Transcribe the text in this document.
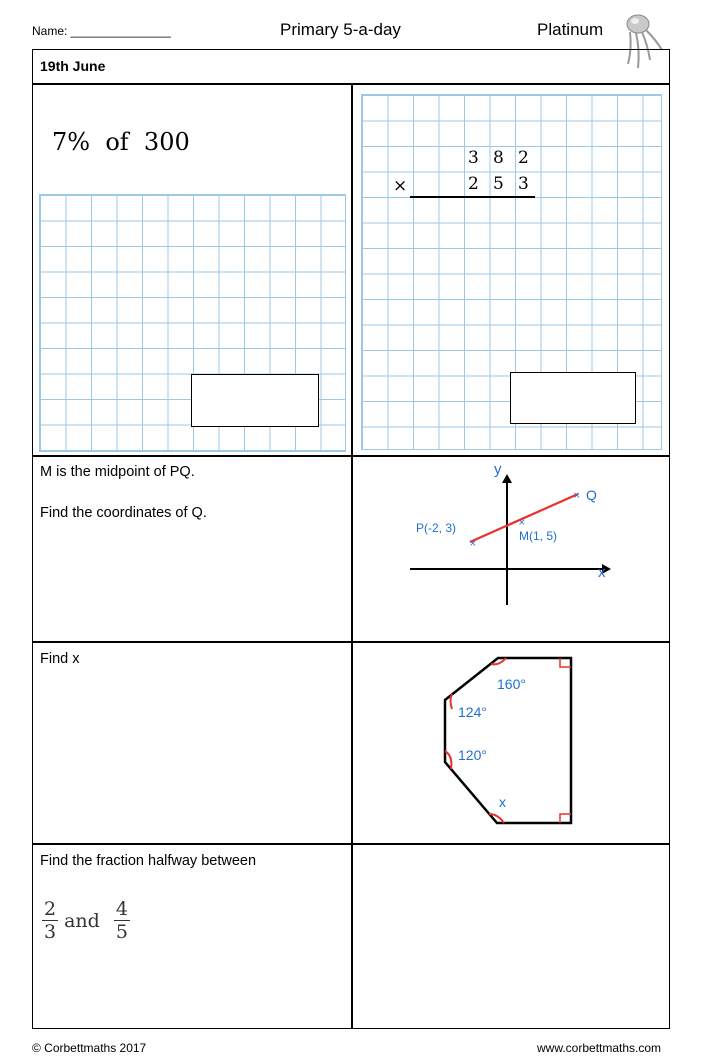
Name: _______________	Primary 5-a-day	Platinum
19th June
7%  of  300
×
3 8 2
2 5 3
M is the midpoint of PQ.
Find the coordinates of Q.
×
×
×
y
x
Q
P(-2, 3)
M(1, 5)
Find x
160°
124°
120°
x
Find the fraction halfway between
$\frac{2}{3}$ and $\frac{4}{5}$
© Corbettmaths 2017	www.corbettmaths.com
